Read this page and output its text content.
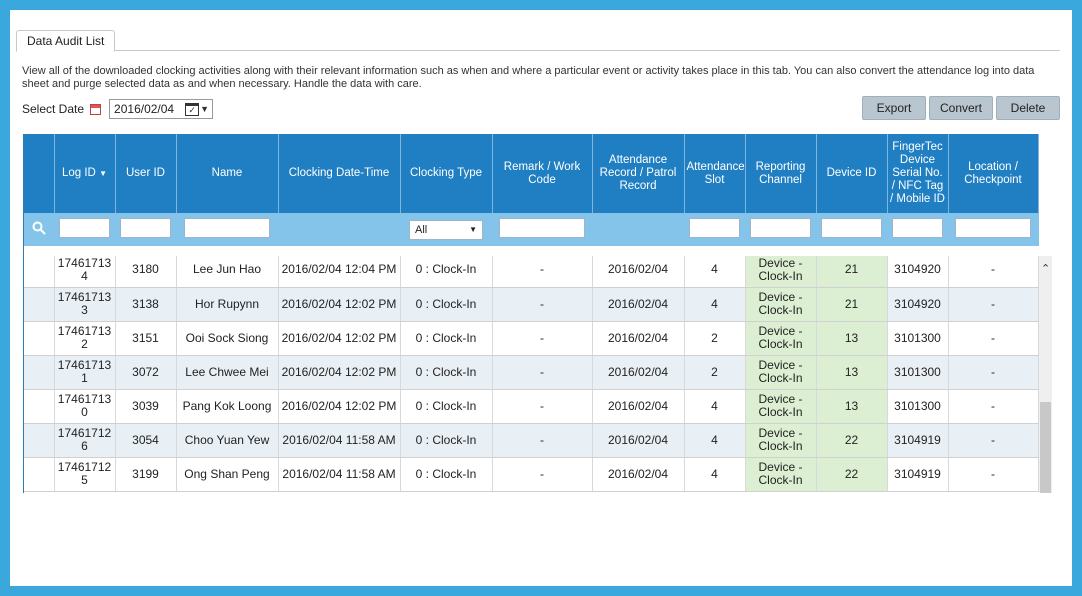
Data Audit List
View all of the downloaded clocking activities along with their relevant information such as when and where a particular event or activity takes place in this tab. You can also convert the attendance log into data sheet and purge selected data as and when necessary. Handle the data with care.
Select Date	2016/02/04	✓ ▼	Export	Convert	Delete
	Log ID ▼	User ID	Name	Clocking Date-Time	Clocking Type	Remark / Work Code	Attendance Record / Patrol Record	Attendance Slot	Reporting Channel	Device ID	FingerTec Device Serial No. / NFC Tag / Mobile ID	Location / Checkpoint

All ▼							

	174617134	3180	Lee Jun Hao	2016/02/04 12:04 PM	0 : Clock-In	-	2016/02/04	4	Device - Clock-In	21	3104920	-
	174617133	3138	Hor Rupynn	2016/02/04 12:02 PM	0 : Clock-In	-	2016/02/04	4	Device - Clock-In	21	3104920	-
	174617132	3151	Ooi Sock Siong	2016/02/04 12:02 PM	0 : Clock-In	-	2016/02/04	2	Device - Clock-In	13	3101300	-
	174617131	3072	Lee Chwee Mei	2016/02/04 12:02 PM	0 : Clock-In	-	2016/02/04	2	Device - Clock-In	13	3101300	-
	174617130	3039	Pang Kok Loong	2016/02/04 12:02 PM	0 : Clock-In	-	2016/02/04	4	Device - Clock-In	13	3101300	-
	174617126	3054	Choo Yuan Yew	2016/02/04 11:58 AM	0 : Clock-In	-	2016/02/04	4	Device - Clock-In	22	3104919	-
	174617125	3199	Ong Shan Peng	2016/02/04 11:58 AM	0 : Clock-In	-	2016/02/04	4	Device - Clock-In	22	3104919	-
⌃
